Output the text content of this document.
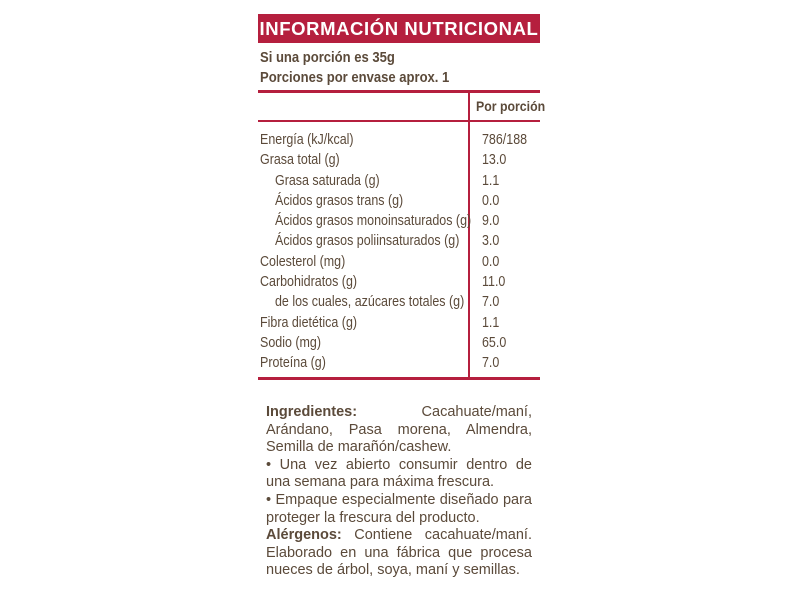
INFORMACIÓN NUTRICIONAL
Si una porción es 35g
Porciones por envase aprox. 1
Por porción
Energía (kJ/kcal)	786/188
Grasa total (g)	13.0
Grasa saturada (g)	1.1
Ácidos grasos trans (g)	0.0
Ácidos grasos monoinsaturados (g) 9.0
Ácidos grasos poliinsaturados (g) 3.0
Colesterol (mg)	0.0
Carbohidratos (g)	11.0
de los cuales, azúcares totales (g) 7.0
Fibra dietética (g)	1.1
Sodio (mg)	65.0
Proteína (g)	7.0

Ingredientes: Cacahuate/maní, Arándano, Pasa morena, Almendra, Semilla de marañón/cashew.

• Una vez abierto consumir dentro de una semana para máxima frescura.

• Empaque especialmente diseñado para proteger la frescura del producto.

Alérgenos: Contiene cacahuate/maní. Elaborado en una fábrica que procesa nueces de árbol, soya, maní y semillas.
